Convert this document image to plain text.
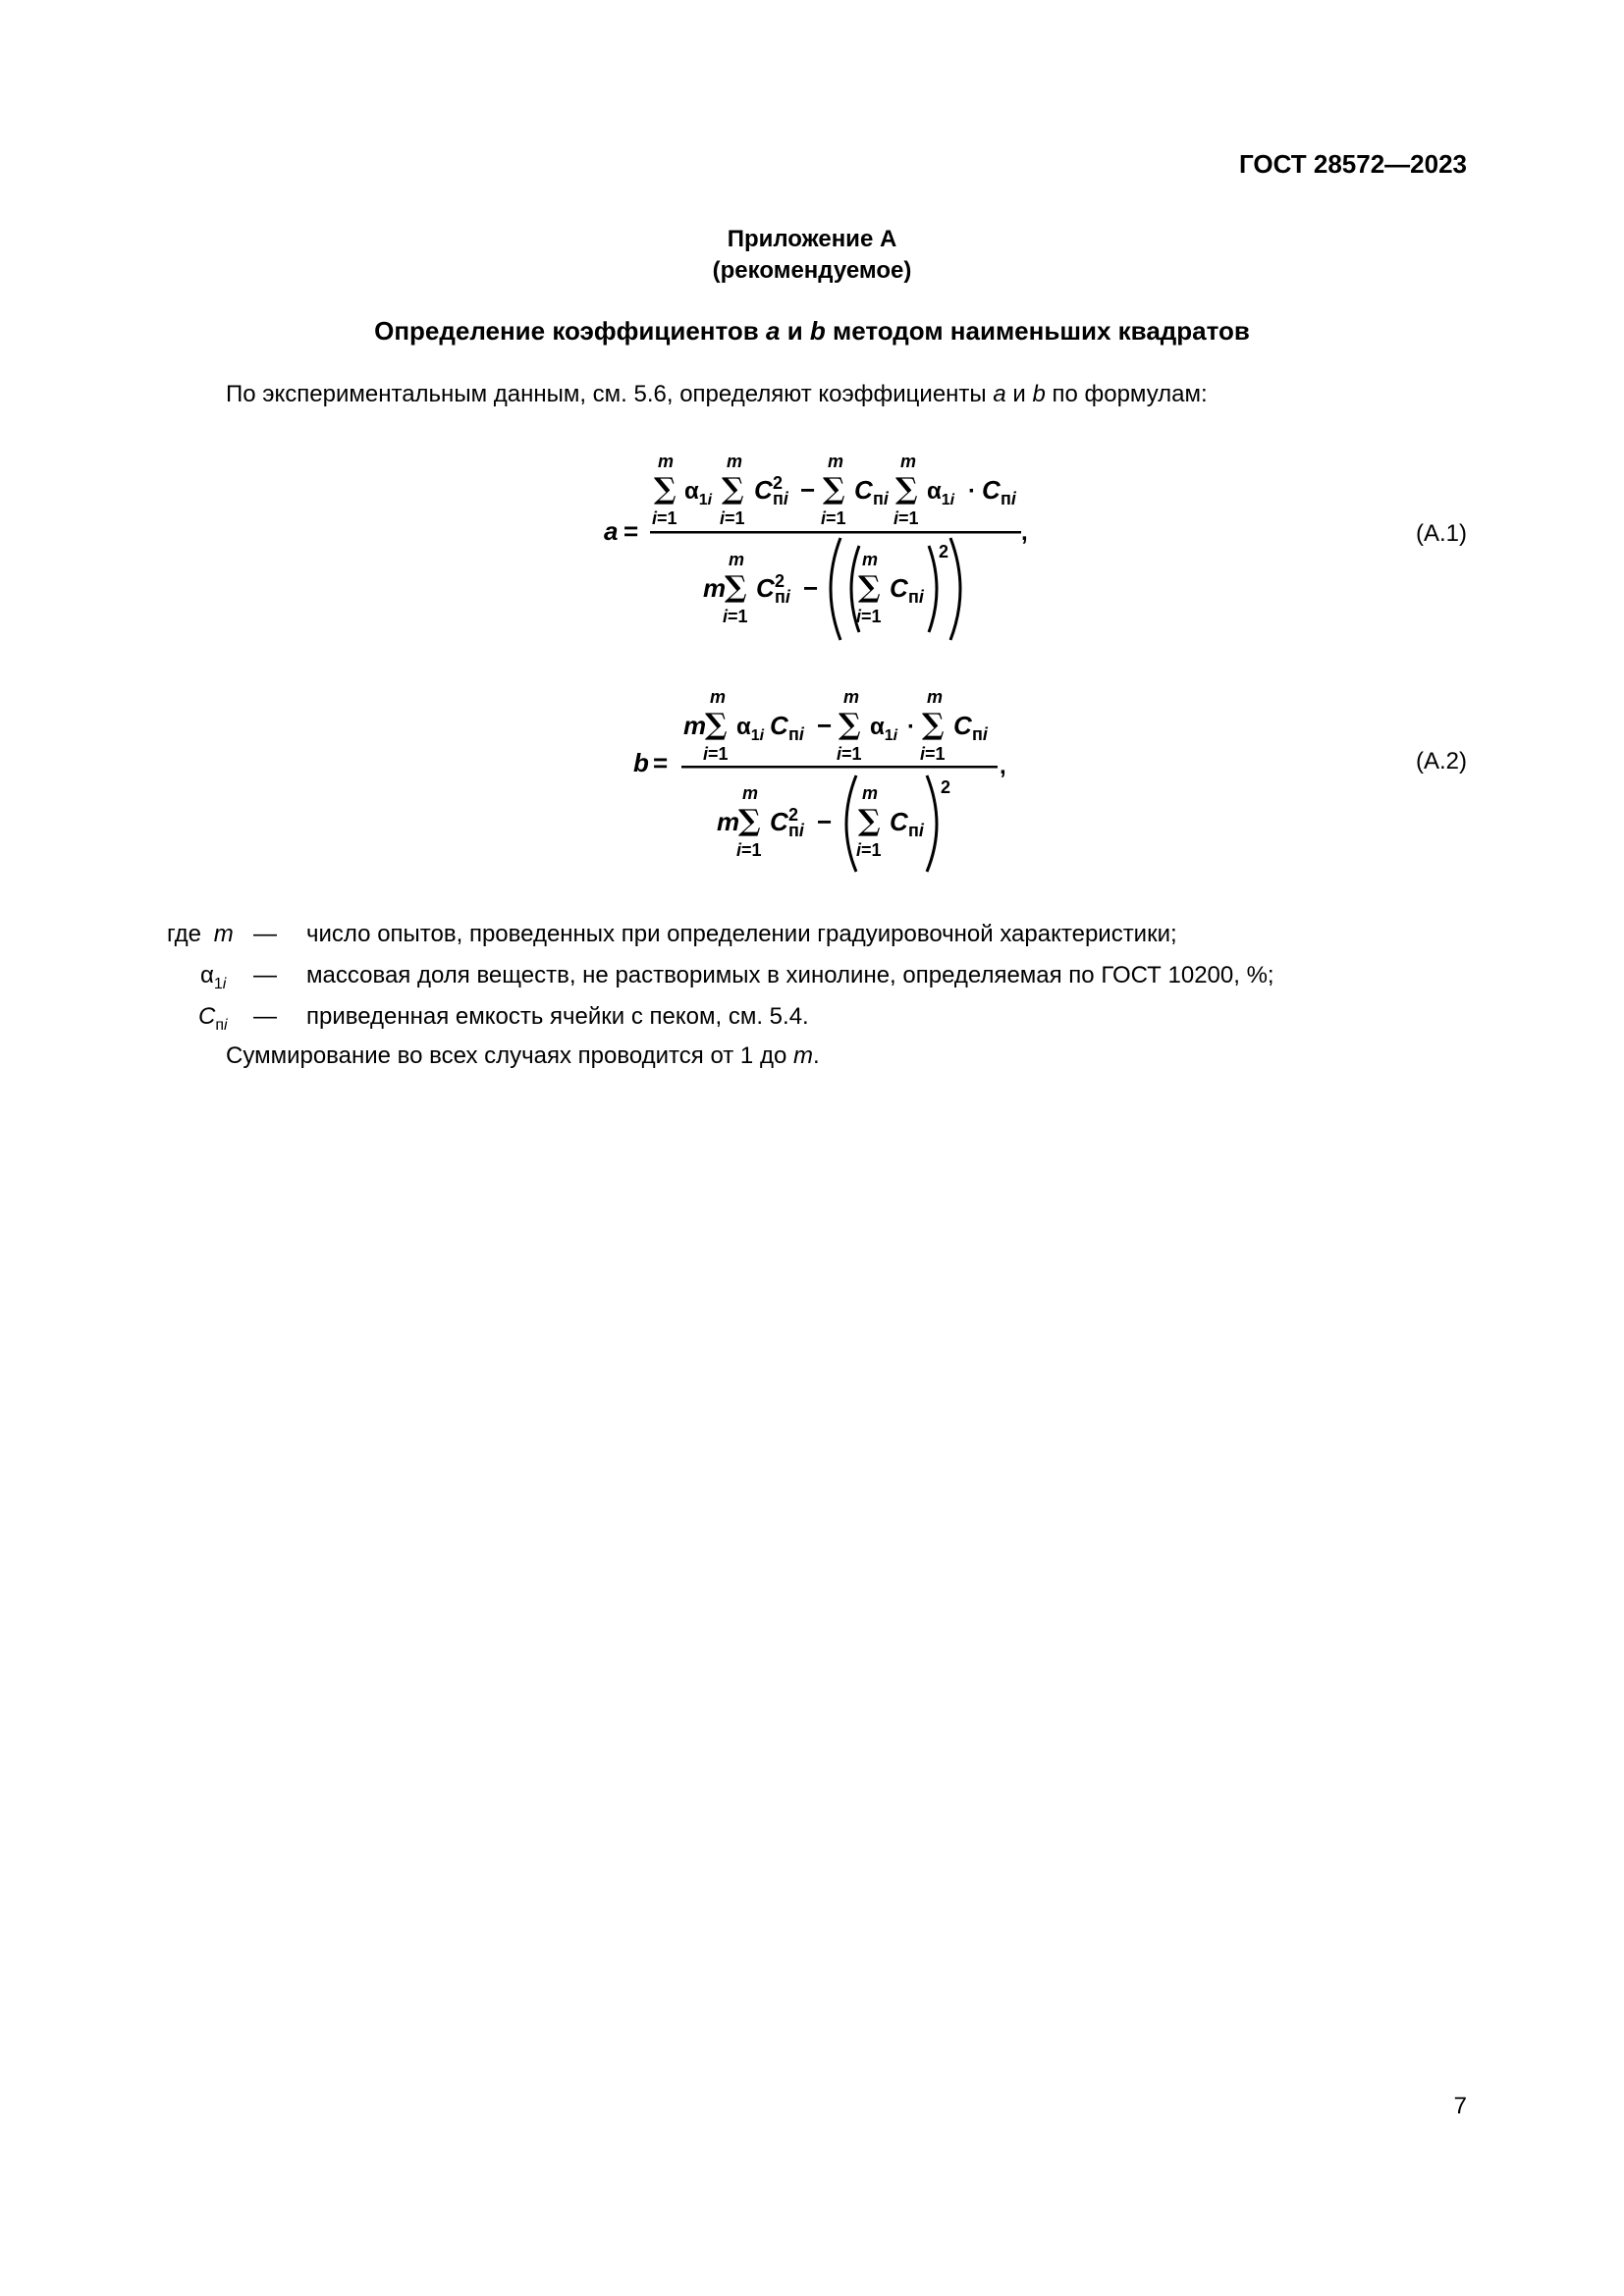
ГОСТ 28572—2023
Приложение А
(рекомендуемое)
Определение коэффициентов a и b методом наименьших квадратов
По экспериментальным данным, см. 5.6, определяют коэффициенты a и b по формулам:
a =
∑
m
i=1
$\alpha_{1i}$ ∑
m
i=1
C 2
пi − ∑
m
i=1
C пi ∑
m
i=1
$\alpha_{1i} \cdot C$ пi
,
m
∑
m
i=1
C 2
пi − ∑
m
i=1
C пi
2
(А.1)
b =
m
∑
m
i=1
$\alpha_{1i}$ C пi − ∑
m
i=1
$\alpha_{1i}$ · ∑
m
i=1
C пi
,
m
∑
m
i=1
C 2
пi − ∑
m
i=1
C пi
2
(А.2)
где m — число опытов, проведенных при определении градуировочной характеристики;
$\alpha_{1i}$ — массовая доля веществ, не растворимых в хинолине, определяемая по ГОСТ 10200, %;
$C_{пi}$ — приведенная емкость ячейки с пеком, см. 5.4.
Суммирование во всех случаях проводится от 1 до m.
7
